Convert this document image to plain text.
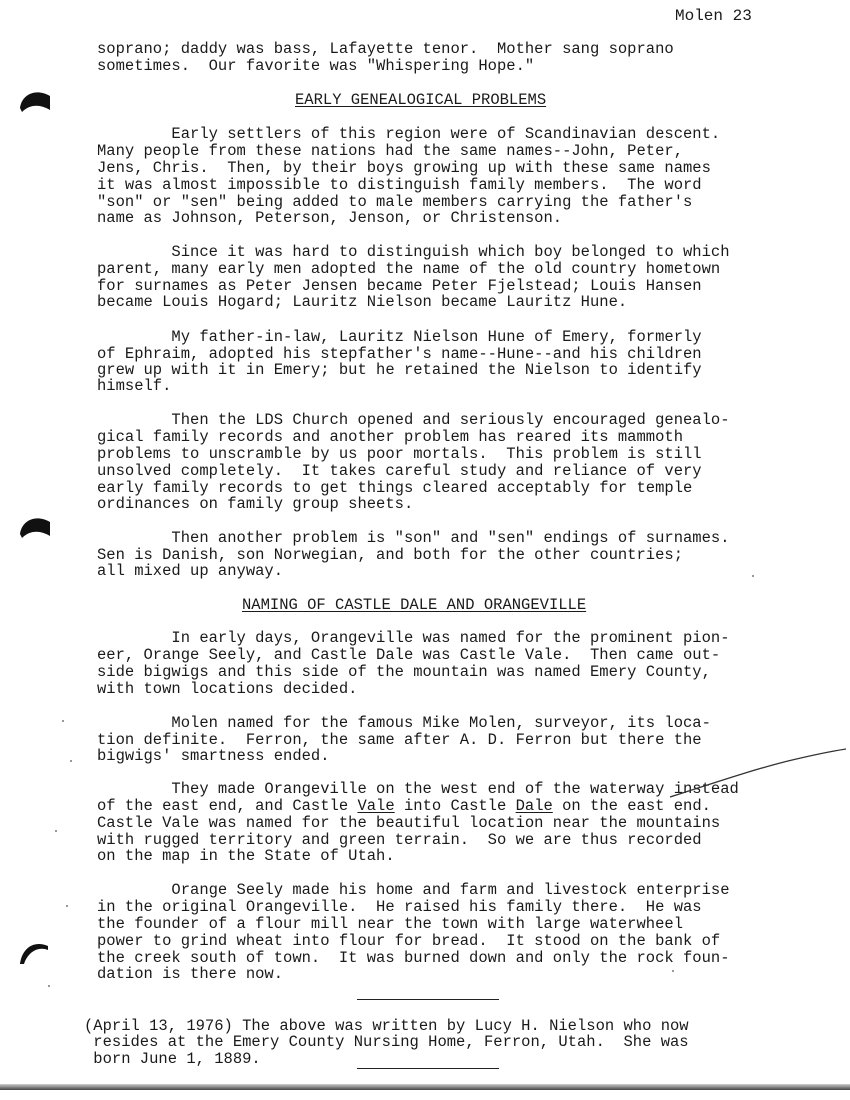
Molen 23
soprano; daddy was bass, Lafayette tenor.  Mother sang soprano
sometimes.  Our favorite was "Whispering Hope."
EARLY GENEALOGICAL PROBLEMS
Early settlers of this region were of Scandinavian descent.
Many people from these nations had the same names--John, Peter,
Jens, Chris.  Then, by their boys growing up with these same names
it was almost impossible to distinguish family members.  The word
"son" or "sen" being added to male members carrying the father's
name as Johnson, Peterson, Jenson, or Christenson.
Since it was hard to distinguish which boy belonged to which
parent, many early men adopted the name of the old country hometown
for surnames as Peter Jensen became Peter Fjelstead; Louis Hansen
became Louis Hogard; Lauritz Nielson became Lauritz Hune.
My father-in-law, Lauritz Nielson Hune of Emery, formerly
of Ephraim, adopted his stepfather's name--Hune--and his children
grew up with it in Emery; but he retained the Nielson to identify
himself.
Then the LDS Church opened and seriously encouraged genealo-
gical family records and another problem has reared its mammoth
problems to unscramble by us poor mortals.  This problem is still
unsolved completely.  It takes careful study and reliance of very
early family records to get things cleared acceptably for temple
ordinances on family group sheets.
Then another problem is "son" and "sen" endings of surnames.
Sen is Danish, son Norwegian, and both for the other countries;
all mixed up anyway.
NAMING OF CASTLE DALE AND ORANGEVILLE
In early days, Orangeville was named for the prominent pion-
eer, Orange Seely, and Castle Dale was Castle Vale.  Then came out-
side bigwigs and this side of the mountain was named Emery County,
with town locations decided.
Molen named for the famous Mike Molen, surveyor, its loca-
tion definite.  Ferron, the same after A. D. Ferron but there the
bigwigs' smartness ended.
They made Orangeville on the west end of the waterway instead
of the east end, and Castle Vale into Castle Dale on the east end.
Castle Vale was named for the beautiful location near the mountains
with rugged territory and green terrain.  So we are thus recorded
on the map in the State of Utah.
Orange Seely made his home and farm and livestock enterprise
in the original Orangeville.  He raised his family there.  He was
the founder of a flour mill near the town with large waterwheel
power to grind wheat into flour for bread.  It stood on the bank of
the creek south of town.  It was burned down and only the rock foun-
dation is there now.
(April 13, 1976) The above was written by Lucy H. Nielson who now
resides at the Emery County Nursing Home, Ferron, Utah.  She was
born June 1, 1889.
